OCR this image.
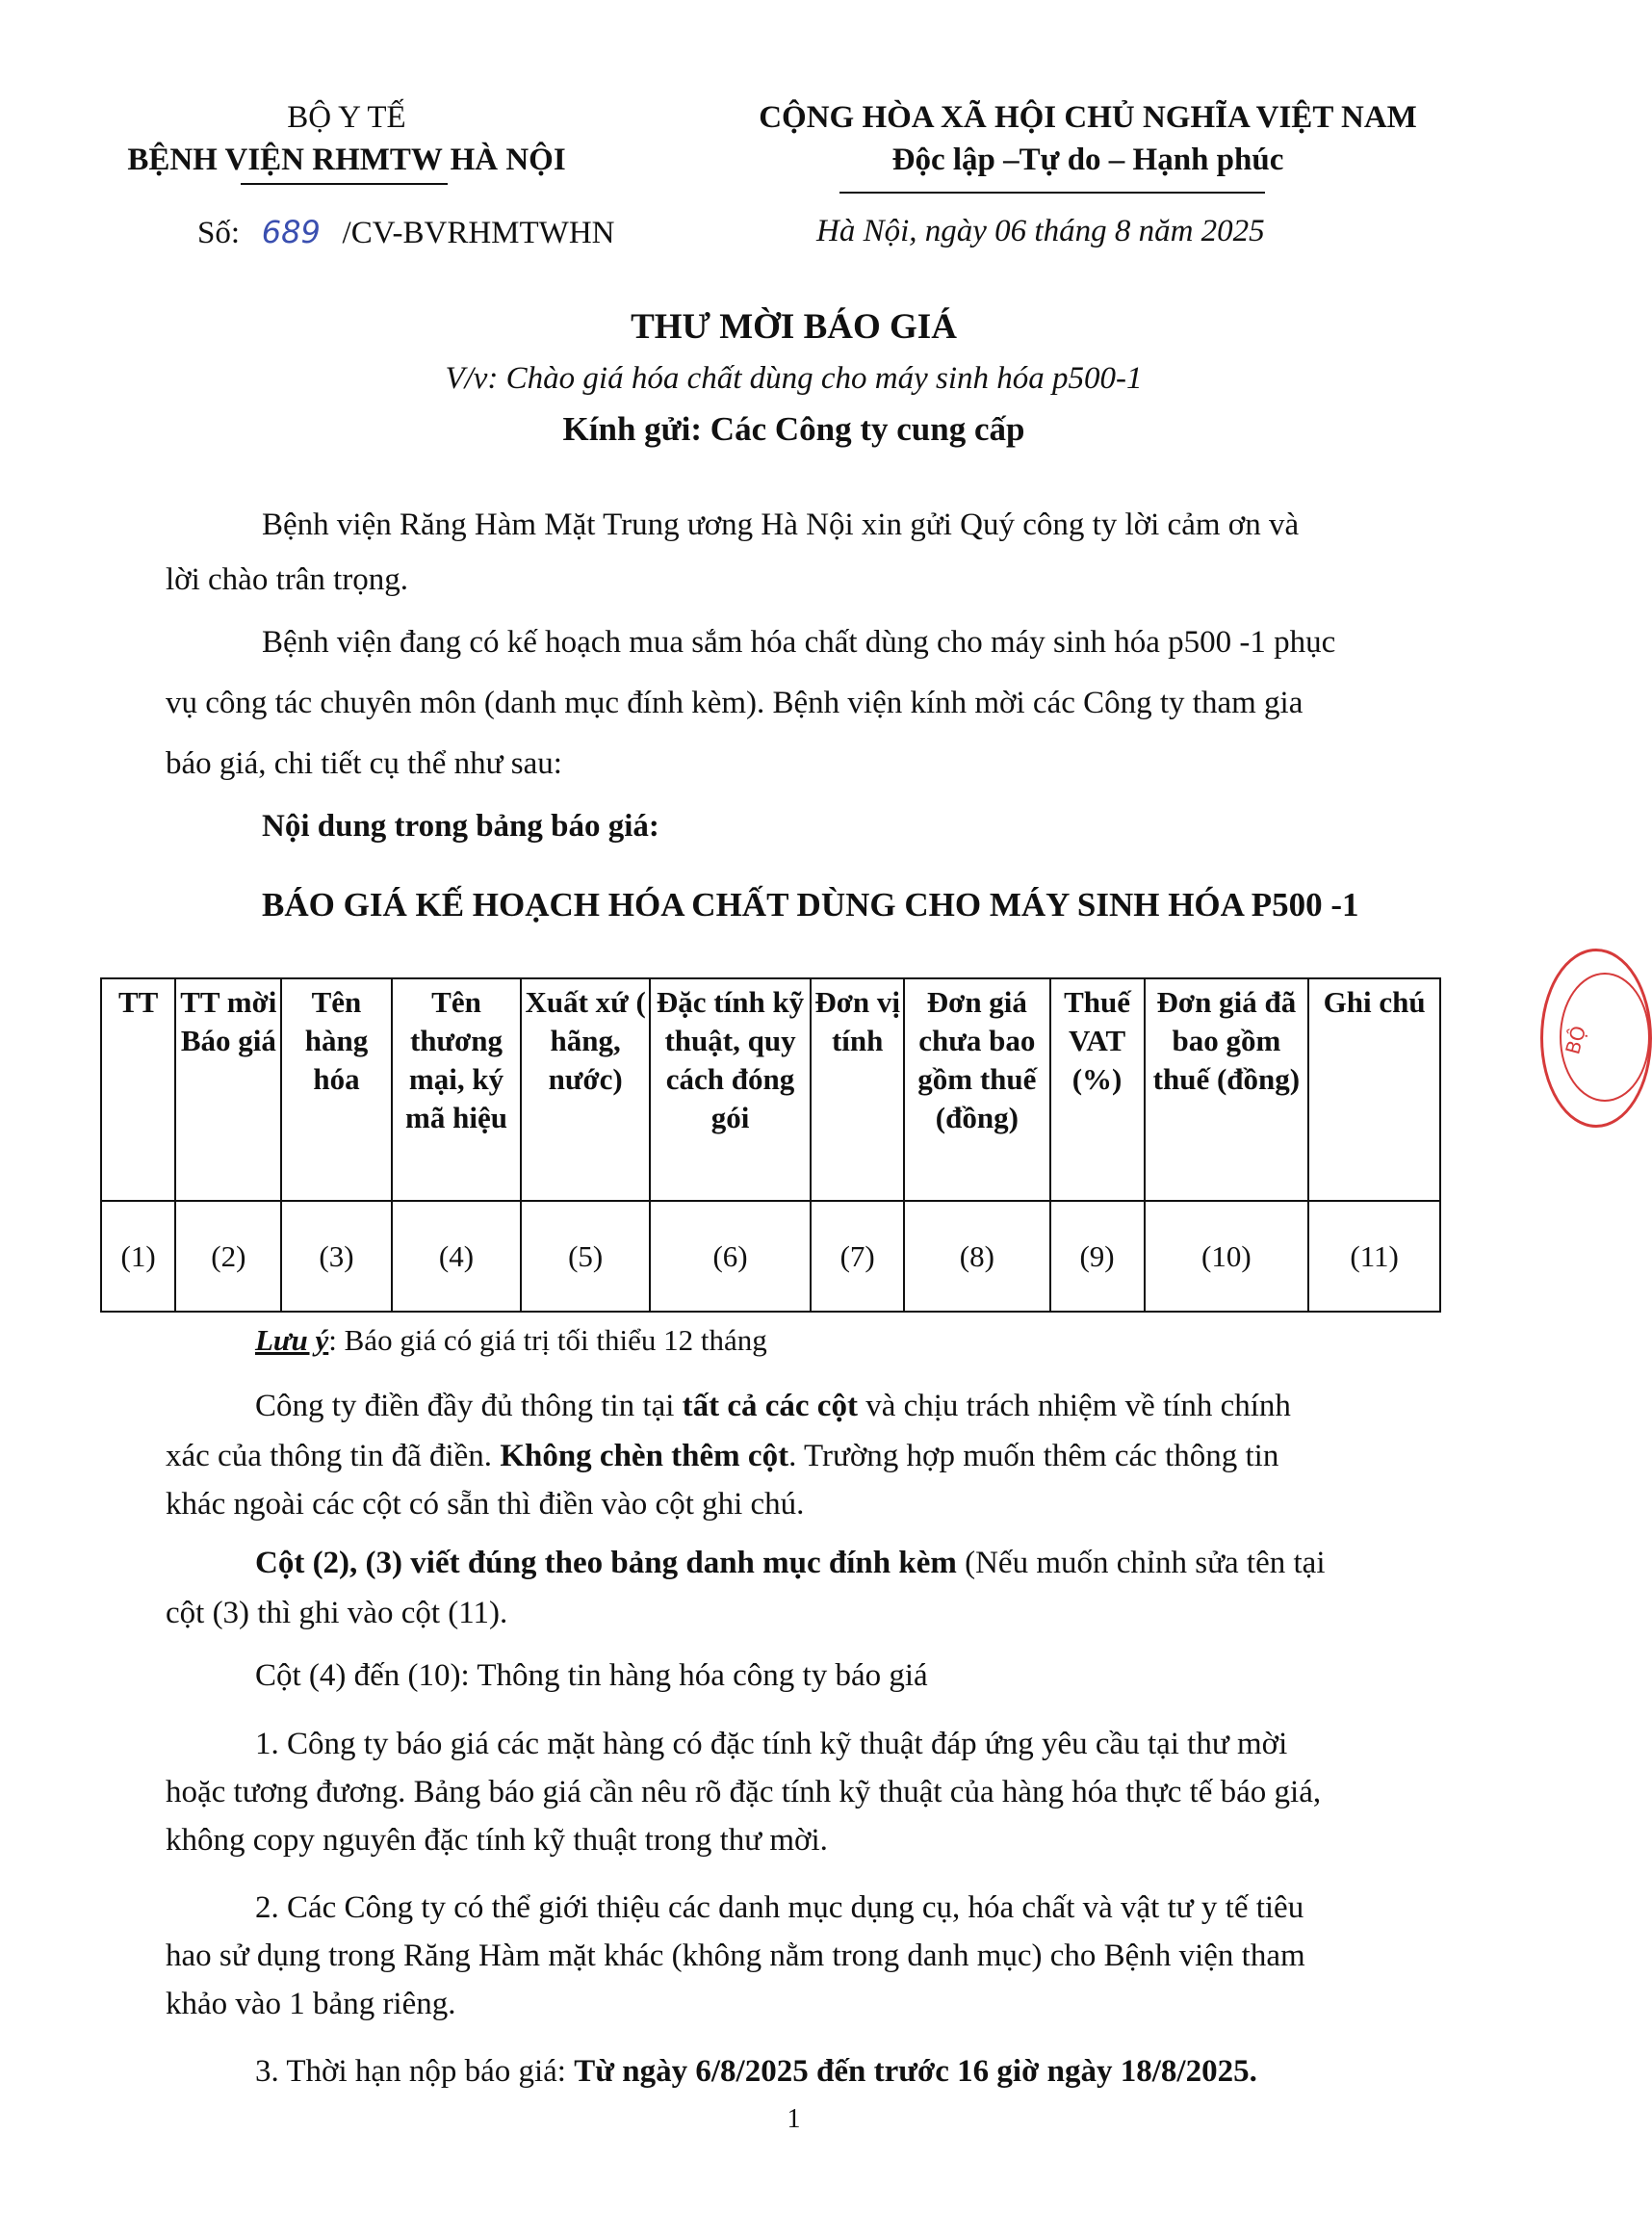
BỘ Y TẾ
BỆNH VIỆN RHMTW HÀ NỘI
CỘNG HÒA XÃ HỘI CHỦ NGHĨA VIỆT NAM
Độc lập –Tự do – Hạnh phúc
Số: 689 /CV-BVRHMTWHN	Hà Nội, ngày 06 tháng 8 năm 2025
THƯ MỜI BÁO GIÁ
V/v: Chào giá hóa chất dùng cho máy sinh hóa p500-1
Kính gửi: Các Công ty cung cấp
Bệnh viện Răng Hàm Mặt Trung ương Hà Nội xin gửi Quý công ty lời cảm ơn và
lời chào trân trọng.
Bệnh viện đang có kế hoạch mua sắm hóa chất dùng cho máy sinh hóa p500 -1 phục
vụ công tác chuyên môn (danh mục đính kèm). Bệnh viện kính mời các Công ty tham gia
báo giá, chi tiết cụ thể như sau:
Nội dung trong bảng báo giá:
BÁO GIÁ KẾ HOẠCH HÓA CHẤT DÙNG CHO MÁY SINH HÓA P500 -1
TT	TT mời Báo giá	Tên hàng hóa	Tên thương mại, ký mã hiệu	Xuất xứ ( hãng, nước)	Đặc tính kỹ thuật, quy cách đóng gói	Đơn vị tính	Đơn giá chưa bao gồm thuế (đồng)	Thuế VAT (%)	Đơn giá đã bao gồm thuế (đồng)	Ghi chú
(1)	(2)	(3)	(4)	(5)	(6)	(7)	(8)	(9)	(10)	(11)
BỘ
Lưu ý: Báo giá có giá trị tối thiểu 12 tháng
Công ty điền đầy đủ thông tin tại tất cả các cột và chịu trách nhiệm về tính chính
xác của thông tin đã điền. Không chèn thêm cột. Trường hợp muốn thêm các thông tin
khác ngoài các cột có sẵn thì điền vào cột ghi chú.
Cột (2), (3) viết đúng theo bảng danh mục đính kèm (Nếu muốn chỉnh sửa tên tại
cột (3) thì ghi vào cột (11).
Cột (4) đến (10): Thông tin hàng hóa công ty báo giá
1. Công ty báo giá các mặt hàng có đặc tính kỹ thuật đáp ứng yêu cầu tại thư mời
hoặc tương đương. Bảng báo giá cần nêu rõ đặc tính kỹ thuật của hàng hóa thực tế báo giá,
không copy nguyên đặc tính kỹ thuật trong thư mời.
2. Các Công ty có thể giới thiệu các danh mục dụng cụ, hóa chất và vật tư y tế tiêu
hao sử dụng trong Răng Hàm mặt khác (không nằm trong danh mục) cho Bệnh viện tham
khảo vào 1 bảng riêng.
3. Thời hạn nộp báo giá: Từ ngày 6/8/2025 đến trước 16 giờ ngày 18/8/2025.
1
